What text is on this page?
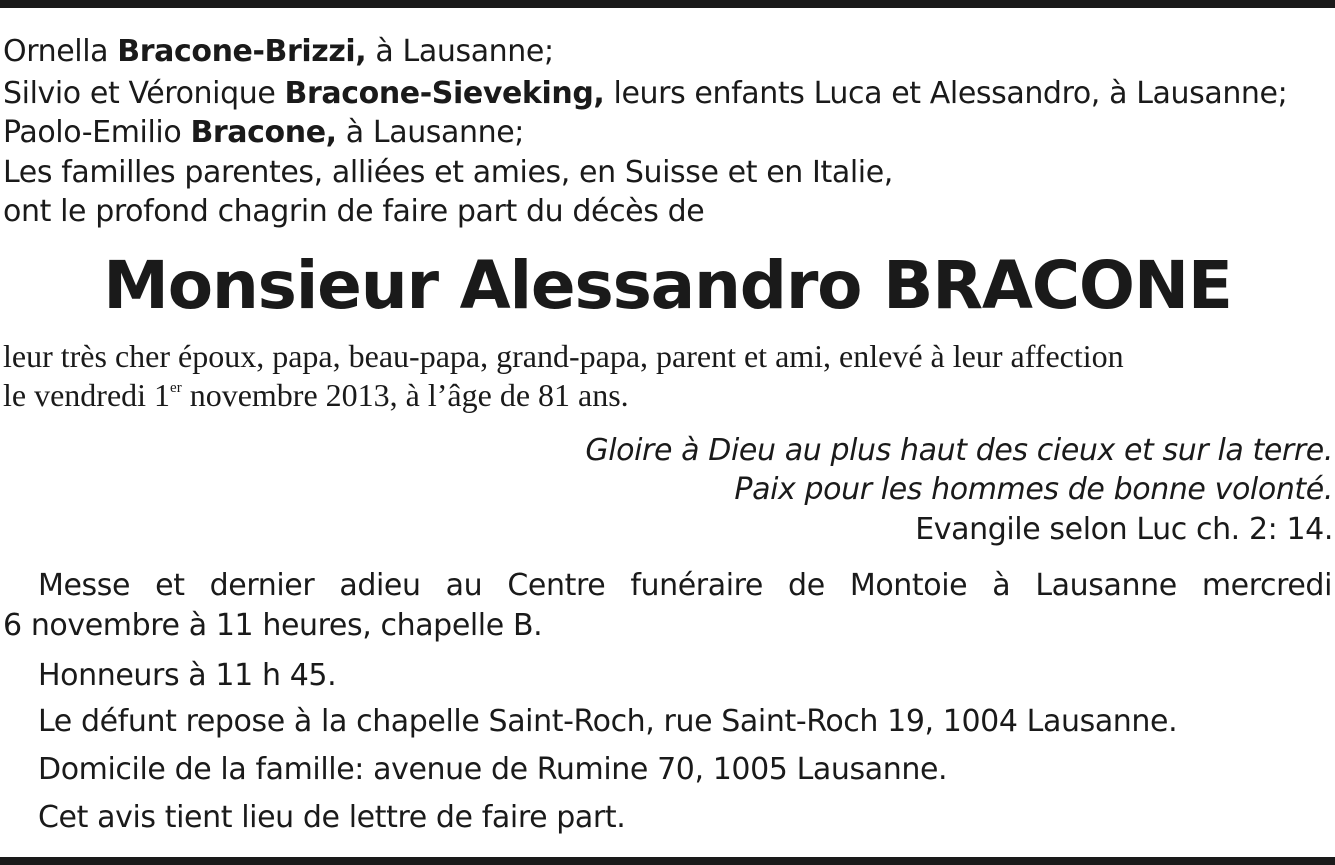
Ornella Bracone-Brizzi, à Lausanne;
Silvio et Véronique Bracone-Sieveking, leurs enfants Luca et Alessandro, à Lausanne;
Paolo-Emilio Bracone, à Lausanne;
Les familles parentes, alliées et amies, en Suisse et en Italie,
ont le profond chagrin de faire part du décès de
Monsieur Alessandro BRACONE
leur très cher époux, papa, beau-papa, grand-papa, parent et ami, enlevé à leur affection
le vendredi 1er novembre 2013, à l’âge de 81 ans.
Gloire à Dieu au plus haut des cieux et sur la terre.
Paix pour les hommes de bonne volonté.
Evangile selon Luc ch. 2: 14.
Messe et dernier adieu au Centre funéraire de Montoie à Lausanne mercredi
6 novembre à 11 heures, chapelle B.
Honneurs à 11 h 45.
Le défunt repose à la chapelle Saint-Roch, rue Saint-Roch 19, 1004 Lausanne.
Domicile de la famille: avenue de Rumine 70, 1005 Lausanne.
Cet avis tient lieu de lettre de faire part.
